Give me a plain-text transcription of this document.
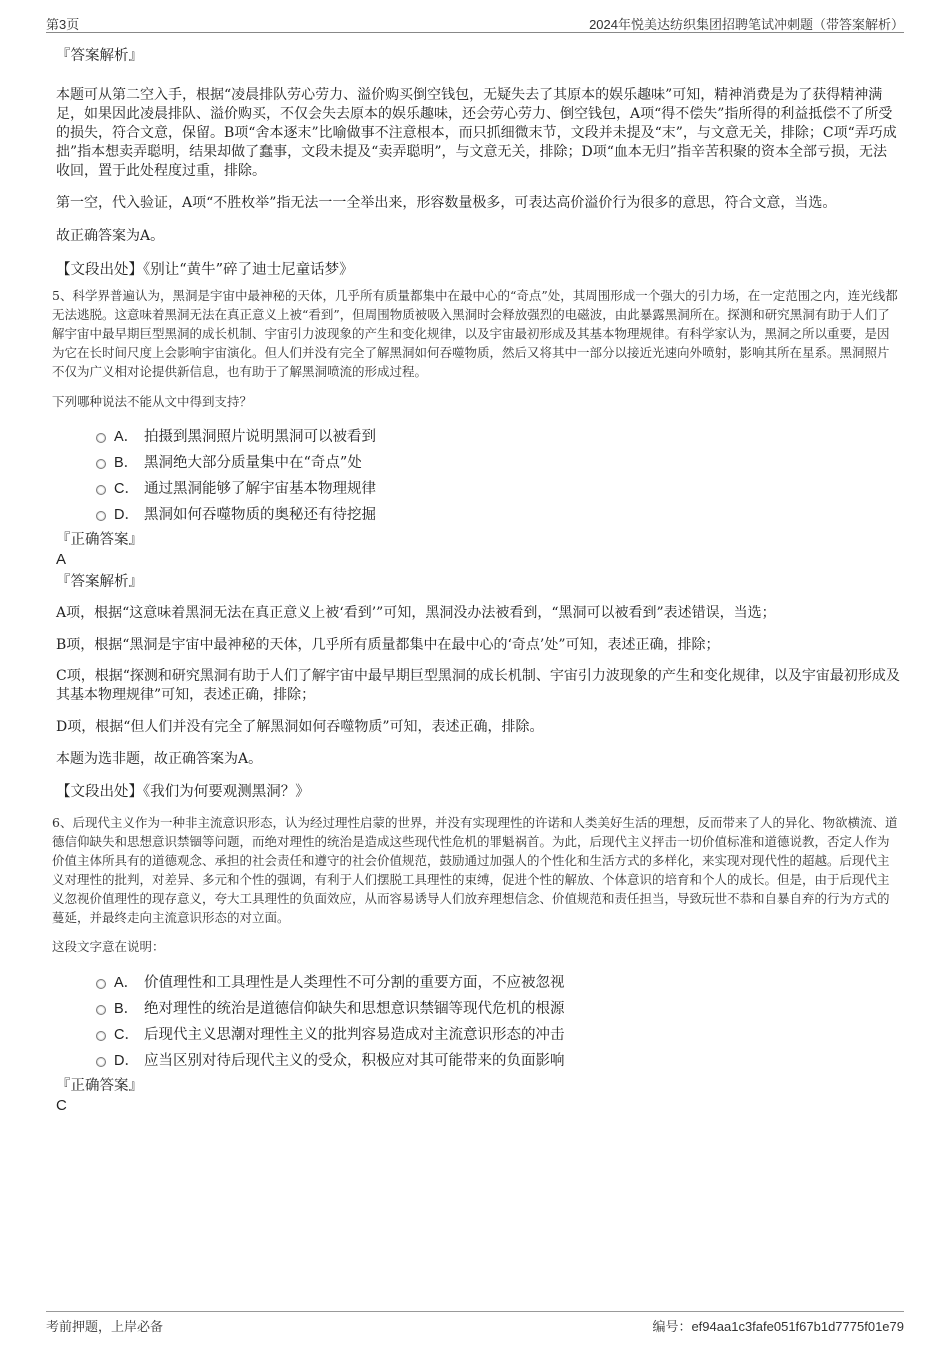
第3页	2024年悦美达纺织集团招聘笔试冲刺题（带答案解析）

『答案解析』

本题可从第二空入手，根据“凌晨排队劳心劳力、溢价购买倒空钱包，无疑失去了其原本的娱乐趣味”可知，精神消费是为了获得精神满足，如果因此凌晨排队、溢价购买，不仅会失去原本的娱乐趣味，还会劳心劳力、倒空钱包，A项“得不偿失”指所得的利益抵偿不了所受的损失，符合文意，保留。B项“舍本逐末”比喻做事不注意根本，而只抓细微末节，文段并未提及“末”，与文意无关，排除；C项“弄巧成拙”指本想卖弄聪明，结果却做了蠢事，文段未提及“卖弄聪明”，与文意无关，排除；D项“血本无归”指辛苦积聚的资本全部亏损，无法收回，置于此处程度过重，排除。

第一空，代入验证，A项“不胜枚举”指无法一一全举出来，形容数量极多，可表达高价溢价行为很多的意思，符合文意，当选。

故正确答案为A。

【文段出处】《别让“黄牛”碎了迪士尼童话梦》

5、科学界普遍认为，黑洞是宇宙中最神秘的天体，几乎所有质量都集中在最中心的“奇点”处，其周围形成一个强大的引力场，在一定范围之内，连光线都无法逃脱。这意味着黑洞无法在真正意义上被“看到”，但周围物质被吸入黑洞时会释放强烈的电磁波，由此暴露黑洞所在。探测和研究黑洞有助于人们了解宇宙中最早期巨型黑洞的成长机制、宇宙引力波现象的产生和变化规律，以及宇宙最初形成及其基本物理规律。有科学家认为，黑洞之所以重要，是因为它在长时间尺度上会影响宇宙演化。但人们并没有完全了解黑洞如何吞噬物质，然后又将其中一部分以接近光速向外喷射，影响其所在星系。黑洞照片不仅为广义相对论提供新信息，也有助于了解黑洞喷流的形成过程。

下列哪种说法不能从文中得到支持？

A． 拍摄到黑洞照片说明黑洞可以被看到
B． 黑洞绝大部分质量集中在“奇点”处
C． 通过黑洞能够了解宇宙基本物理规律
D． 黑洞如何吞噬物质的奥秘还有待挖掘

『正确答案』

A

『答案解析』

A项，根据“这意味着黑洞无法在真正意义上被‘看到’”可知，黑洞没办法被看到，“黑洞可以被看到”表述错误，当选；

B项，根据“黑洞是宇宙中最神秘的天体，几乎所有质量都集中在最中心的‘奇点’处”可知，表述正确，排除；

C项，根据“探测和研究黑洞有助于人们了解宇宙中最早期巨型黑洞的成长机制、宇宙引力波现象的产生和变化规律，以及宇宙最初形成及其基本物理规律”可知，表述正确，排除；

D项，根据“但人们并没有完全了解黑洞如何吞噬物质”可知，表述正确，排除。

本题为选非题，故正确答案为A。

【文段出处】《我们为何要观测黑洞？》

6、后现代主义作为一种非主流意识形态，认为经过理性启蒙的世界，并没有实现理性的许诺和人类美好生活的理想，反而带来了人的异化、物欲横流、道德信仰缺失和思想意识禁锢等问题，而绝对理性的统治是造成这些现代性危机的罪魁祸首。为此，后现代主义抨击一切价值标准和道德说教，否定人作为价值主体所具有的道德观念、承担的社会责任和遵守的社会价值规范，鼓励通过加强人的个性化和生活方式的多样化，来实现对现代性的超越。后现代主义对理性的批判，对差异、多元和个性的强调，有利于人们摆脱工具理性的束缚，促进个性的解放、个体意识的培育和个人的成长。但是，由于后现代主义忽视价值理性的现存意义，夸大工具理性的负面效应，从而容易诱导人们放弃理想信念、价值规范和责任担当，导致玩世不恭和自暴自弃的行为方式的蔓延，并最终走向主流意识形态的对立面。

这段文字意在说明：

A． 价值理性和工具理性是人类理性不可分割的重要方面，不应被忽视
B． 绝对理性的统治是道德信仰缺失和思想意识禁锢等现代危机的根源
C． 后现代主义思潮对理性主义的批判容易造成对主流意识形态的冲击
D． 应当区别对待后现代主义的受众，积极应对其可能带来的负面影响

『正确答案』

C

考前押题，上岸必备	编号：ef94aa1c3fafe051f67b1d7775f01e79
